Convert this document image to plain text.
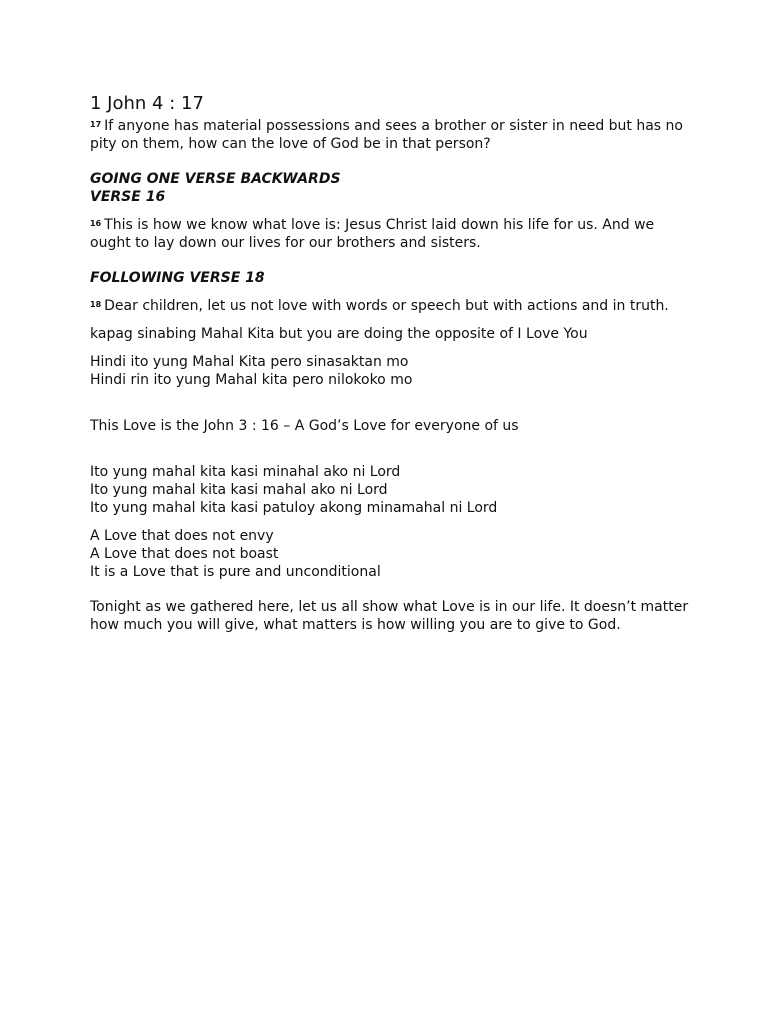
1 John 4 : 17

$^{17}$ If anyone has material possessions and sees a brother or sister in need but has no pity on them, how can the love of God be in that person?

GOING ONE VERSE BACKWARDS
VERSE 16

$^{16}$ This is how we know what love is: Jesus Christ laid down his life for us. And we ought to lay down our lives for our brothers and sisters.

FOLLOWING VERSE 18

$^{18}$ Dear children, let us not love with words or speech but with actions and in truth.

kapag sinabing Mahal Kita but you are doing the opposite of I Love You

Hindi ito yung Mahal Kita pero sinasaktan mo

Hindi rin ito yung Mahal kita pero nilokoko mo

This Love is the John 3 : 16 – A God’s Love for everyone of us

Ito yung mahal kita kasi minahal ako ni Lord

Ito yung mahal kita kasi mahal ako ni Lord

Ito yung mahal kita kasi patuloy akong minamahal ni Lord

A Love that does not envy

A Love that does not boast

It is a Love that is pure and unconditional

Tonight as we gathered here, let us all show what Love is in our life. It doesn’t matter how much you will give, what matters is how willing you are to give to God.
